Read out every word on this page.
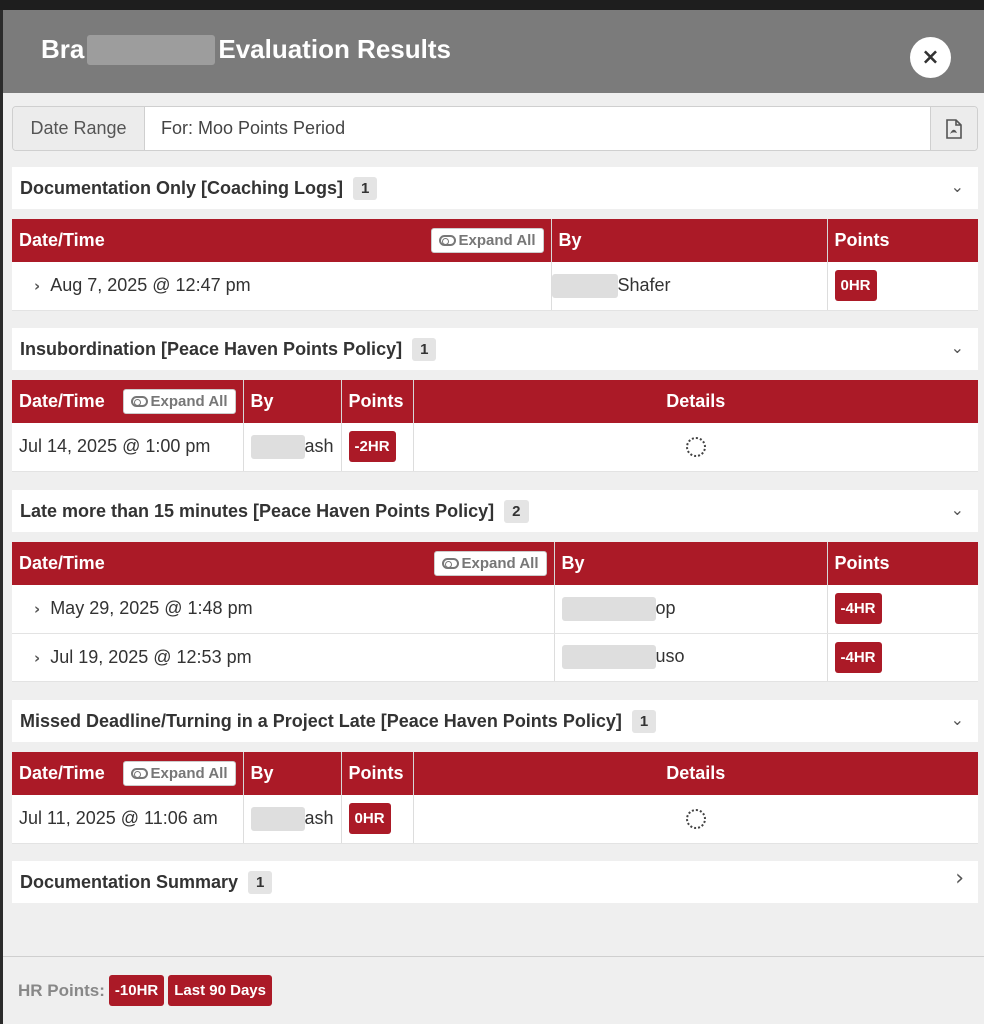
Bra	Evaluation Results	×
Date Range	For: Moo Points Period
Documentation Only [Coaching Logs]	1	⌄
Date/Time Expand All	By	Points
› Aug 7, 2025 @ 12:47 pm	Shafer	0HR
Insubordination [Peace Haven Points Policy]	1	⌄
Date/Time Expand All	By	Points	Details
Jul 14, 2025 @ 1:00 pm	ash	-2HR	
Late more than 15 minutes [Peace Haven Points Policy]	2	⌄
Date/Time Expand All	By	Points
› May 29, 2025 @ 1:48 pm	op	-4HR
› Jul 19, 2025 @ 12:53 pm	uso	-4HR
Missed Deadline/Turning in a Project Late [Peace Haven Points Policy]	1	⌄
Date/Time Expand All	By	Points	Details
Jul 11, 2025 @ 11:06 am	ash	0HR	
Documentation Summary	1	›
HR Points: -10HR	Last 90 Days
